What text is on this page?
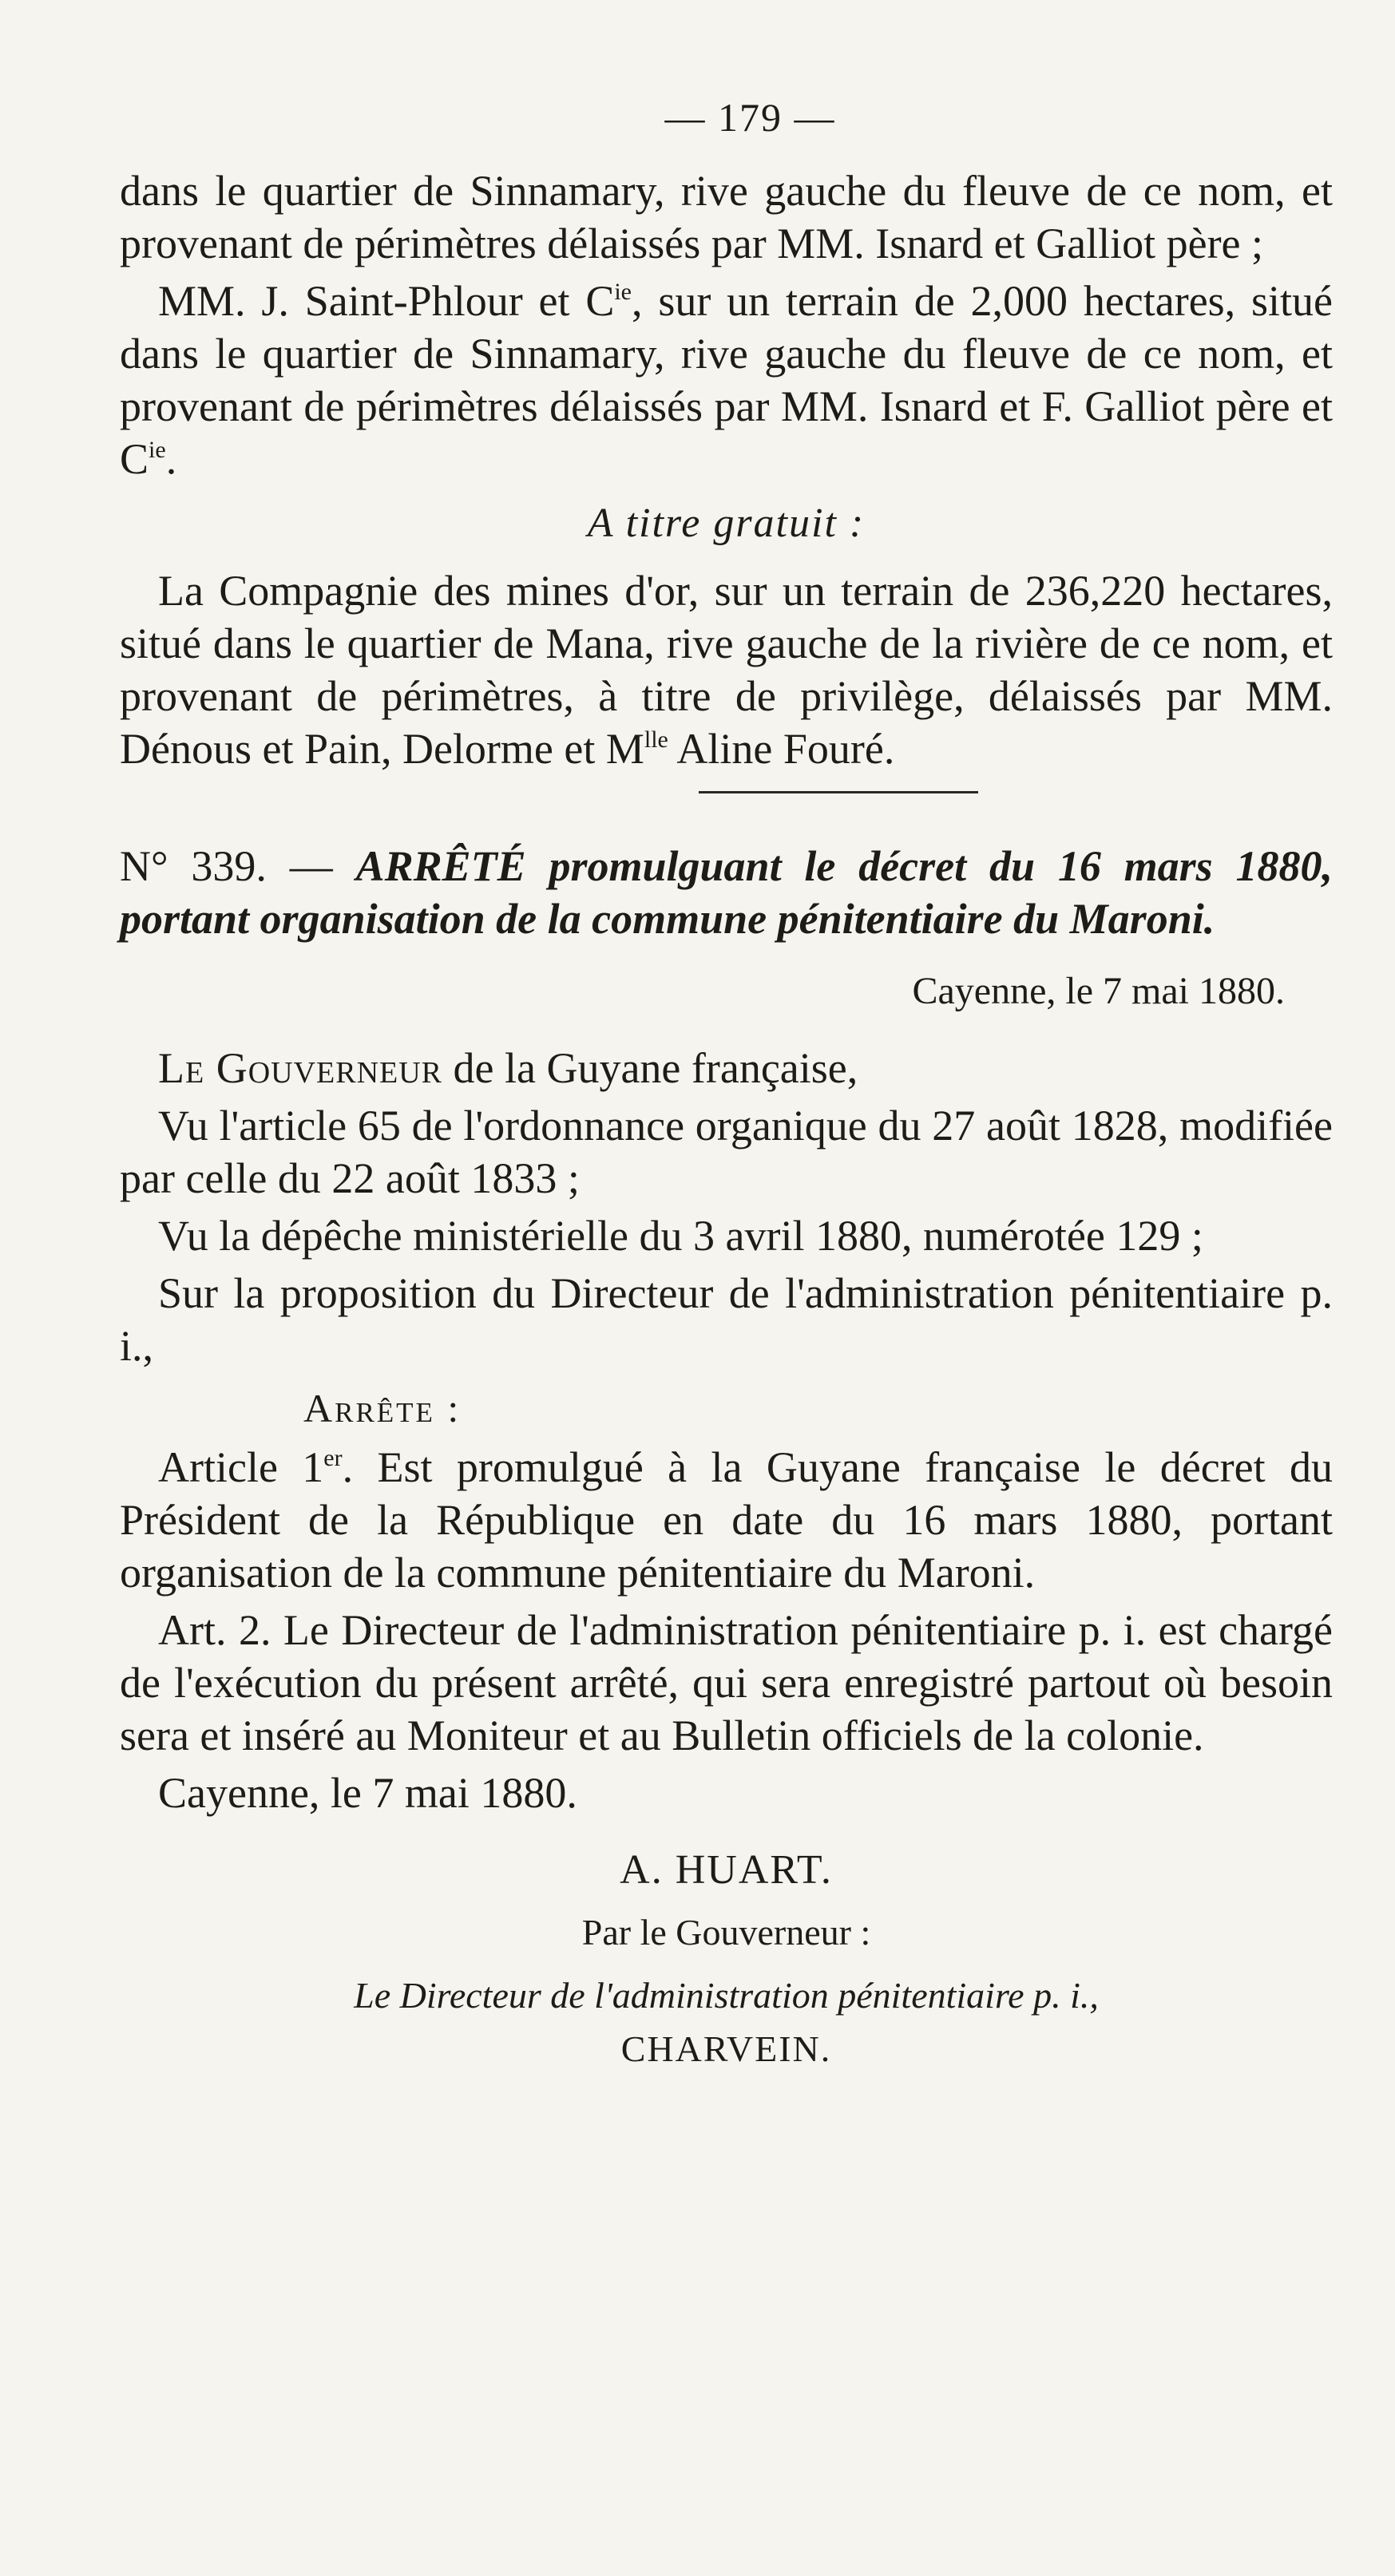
— 179 —

dans le quartier de Sinnamary, rive gauche du fleuve de ce nom, et provenant de périmètres délaissés par MM. Isnard et Galliot père ;

MM. J. Saint-Phlour et $C^{ie}$, sur un terrain de 2,000 hectares, situé dans le quartier de Sinnamary, rive gauche du fleuve de ce nom, et provenant de périmètres délaissés par MM. Isnard et F. Galliot père et $C^{ie}$.

A titre gratuit :

La Compagnie des mines d'or, sur un terrain de 236,220 hectares, situé dans le quartier de Mana, rive gauche de la rivière de ce nom, et provenant de périmètres, à titre de privilège, délaissés par MM. Dénous et Pain, Delorme et $M^{lle}$ Aline Fouré.

N° 339. — ARRÊTÉ promulguant le décret du 16 mars 1880, portant organisation de la commune pénitentiaire du Maroni.

Cayenne, le 7 mai 1880.

Le Gouverneur de la Guyane française,

Vu l'article 65 de l'ordonnance organique du 27 août 1828, modifiée par celle du 22 août 1833 ;

Vu la dépêche ministérielle du 3 avril 1880, numérotée 129 ;

Sur la proposition du Directeur de l'administration pénitentiaire p. i.,

Arrête :

Article 1er. Est promulgué à la Guyane française le décret du Président de la République en date du 16 mars 1880, portant organisation de la commune pénitentiaire du Maroni.

Art. 2. Le Directeur de l'administration pénitentiaire p. i. est chargé de l'exécution du présent arrêté, qui sera enregistré partout où besoin sera et inséré au Moniteur et au Bulletin officiels de la colonie.

Cayenne, le 7 mai 1880.

A. HUART.
Par le Gouverneur :
Le Directeur de l'administration pénitentiaire p. i.,
CHARVEIN.
